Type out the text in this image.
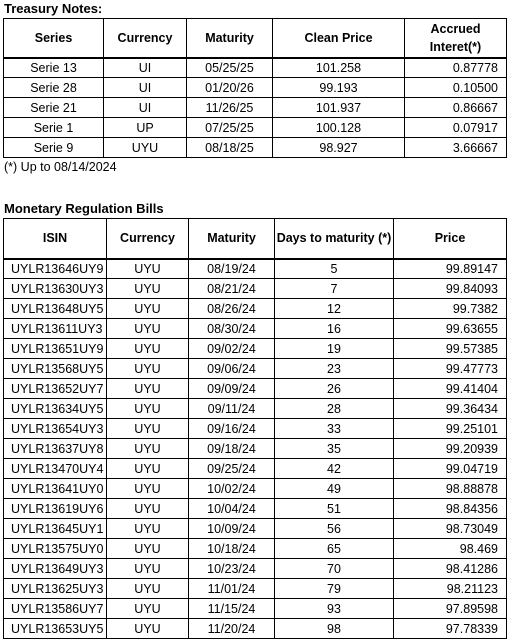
Treasury Notes:
Series	Currency	Maturity	Clean Price	Accrued Interet(*)
Serie 13	UI	05/25/25	101.258	0.87778
Serie 28	UI	01/20/26	99.193	0.10500
Serie 21	UI	11/26/25	101.937	0.86667
Serie 1	UP	07/25/25	100.128	0.07917
Serie 9	UYU	08/18/25	98.927	3.66667
(*) Up to 08/14/2024
Monetary Regulation Bills
ISIN	Currency	Maturity	Days to maturity (*)	Price
UYLR13646UY9	UYU	08/19/24	5	99.89147
UYLR13630UY3	UYU	08/21/24	7	99.84093
UYLR13648UY5	UYU	08/26/24	12	99.7382
UYLR13611UY3	UYU	08/30/24	16	99.63655
UYLR13651UY9	UYU	09/02/24	19	99.57385
UYLR13568UY5	UYU	09/06/24	23	99.47773
UYLR13652UY7	UYU	09/09/24	26	99.41404
UYLR13634UY5	UYU	09/11/24	28	99.36434
UYLR13654UY3	UYU	09/16/24	33	99.25101
UYLR13637UY8	UYU	09/18/24	35	99.20939
UYLR13470UY4	UYU	09/25/24	42	99.04719
UYLR13641UY0	UYU	10/02/24	49	98.88878
UYLR13619UY6	UYU	10/04/24	51	98.84356
UYLR13645UY1	UYU	10/09/24	56	98.73049
UYLR13575UY0	UYU	10/18/24	65	98.469
UYLR13649UY3	UYU	10/23/24	70	98.41286
UYLR13625UY3	UYU	11/01/24	79	98.21123
UYLR13586UY7	UYU	11/15/24	93	97.89598
UYLR13653UY5	UYU	11/20/24	98	97.78339
